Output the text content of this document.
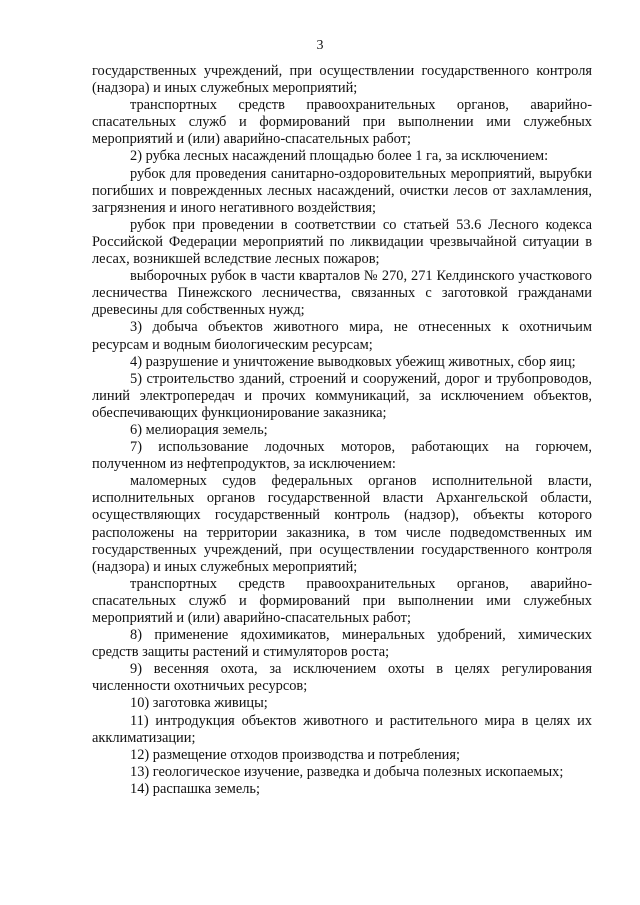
3

государственных учреждений, при осуществлении государственного контроля (надзора) и иных служебных мероприятий;

транспортных средств правоохранительных органов, аварийно-спасательных служб и формирований при выполнении ими служебных мероприятий и (или) аварийно-спасательных работ;

2) рубка лесных насаждений площадью более 1 га, за исключением:

рубок для проведения санитарно-оздоровительных мероприятий, вырубки погибших и поврежденных лесных насаждений, очистки лесов от захламления, загрязнения и иного негативного воздействия;

рубок при проведении в соответствии со статьей 53.6 Лесного кодекса Российской Федерации мероприятий по ликвидации чрезвычайной ситуации в лесах, возникшей вследствие лесных пожаров;

выборочных рубок в части кварталов № 270, 271 Келдинского участкового лесничества Пинежского лесничества, связанных с заготовкой гражданами древесины для собственных нужд;

3) добыча объектов животного мира, не отнесенных к охотничьим ресурсам и водным биологическим ресурсам;

4) разрушение и уничтожение выводковых убежищ животных, сбор яиц;

5) строительство зданий, строений и сооружений, дорог и трубопроводов, линий электропередач и прочих коммуникаций, за исключением объектов, обеспечивающих функционирование заказника;

6) мелиорация земель;

7) использование лодочных моторов, работающих на горючем, полученном из нефтепродуктов, за исключением:

маломерных судов федеральных органов исполнительной власти, исполнительных органов государственной власти Архангельской области, осуществляющих государственный контроль (надзор), объекты которого расположены на территории заказника, в том числе подведомственных им государственных учреждений, при осуществлении государственного контроля (надзора) и иных служебных мероприятий;

транспортных средств правоохранительных органов, аварийно-спасательных служб и формирований при выполнении ими служебных мероприятий и (или) аварийно-спасательных работ;

8) применение ядохимикатов, минеральных удобрений, химических средств защиты растений и стимуляторов роста;

9) весенняя охота, за исключением охоты в целях регулирования численности охотничьих ресурсов;

10) заготовка живицы;

11) интродукция объектов животного и растительного мира в целях их акклиматизации;

12) размещение отходов производства и потребления;

13) геологическое изучение, разведка и добыча полезных ископаемых;

14) распашка земель;
